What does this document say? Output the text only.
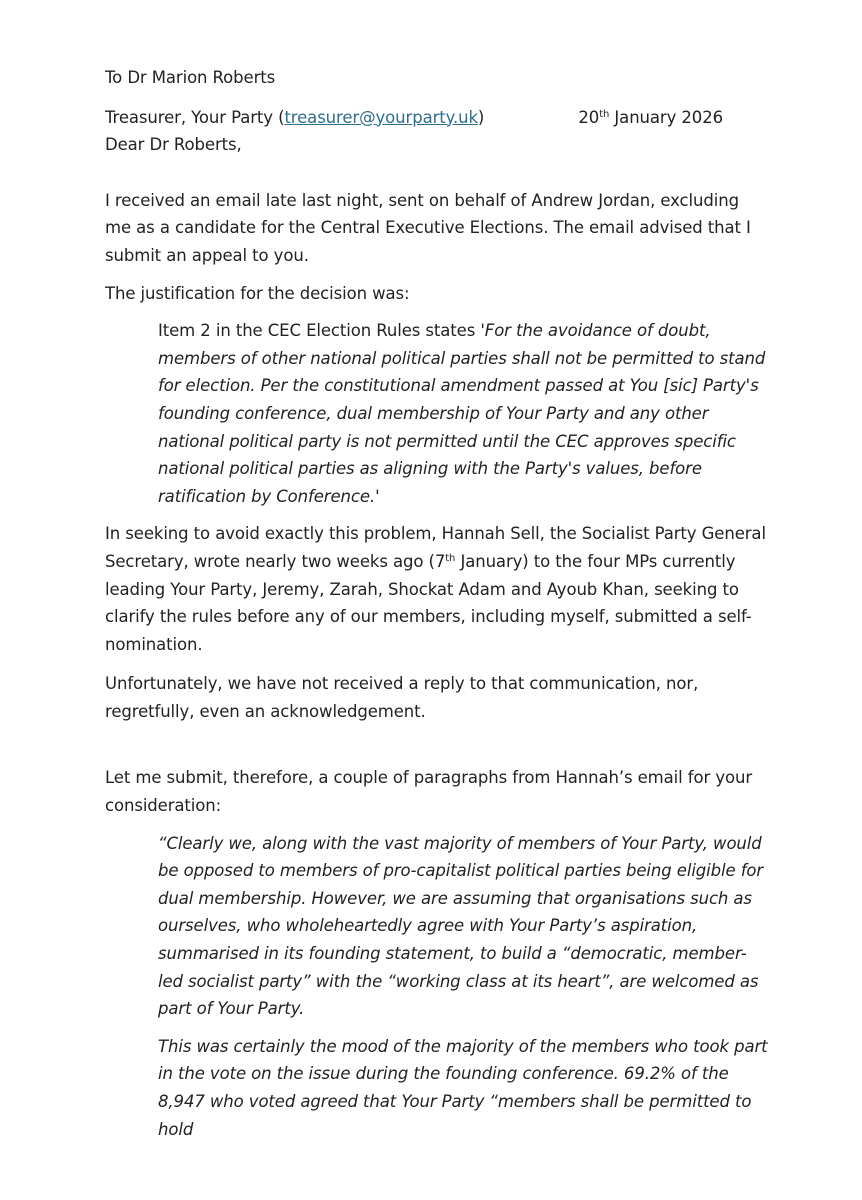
To Dr Marion Roberts

Treasurer, Your Party (treasurer@yourparty.uk)	20th January 2026

Dear Dr Roberts,

I received an email late last night, sent on behalf of Andrew Jordan, excluding me as a candidate for the Central Executive Elections. The email advised that I submit an appeal to you.

The justification for the decision was:

Item 2 in the CEC Election Rules states 'For the avoidance of doubt, members of other national political parties shall not be permitted to stand for election. Per the constitutional amendment passed at You [sic] Party's founding conference, dual membership of Your Party and any other national political party is not permitted until the CEC approves specific national political parties as aligning with the Party's values, before ratification by Conference.'

In seeking to avoid exactly this problem, Hannah Sell, the Socialist Party General Secretary, wrote nearly two weeks ago (7th January) to the four MPs currently leading Your Party, Jeremy, Zarah, Shockat Adam and Ayoub Khan, seeking to clarify the rules before any of our members, including myself, submitted a self-nomination.

Unfortunately, we have not received a reply to that communication, nor, regretfully, even an acknowledgement.

Let me submit, therefore, a couple of paragraphs from Hannah’s email for your consideration:

“Clearly we, along with the vast majority of members of Your Party, would be opposed to members of pro-capitalist political parties being eligible for dual membership. However, we are assuming that organisations such as ourselves, who wholeheartedly agree with Your Party’s aspiration, summarised in its founding statement, to build a “democratic, member-led socialist party” with the “working class at its heart”, are welcomed as part of Your Party.

This was certainly the mood of the majority of the members who took part in the vote on the issue during the founding conference. 69.2% of the 8,947 who voted agreed that Your Party “members shall be permitted to hold
